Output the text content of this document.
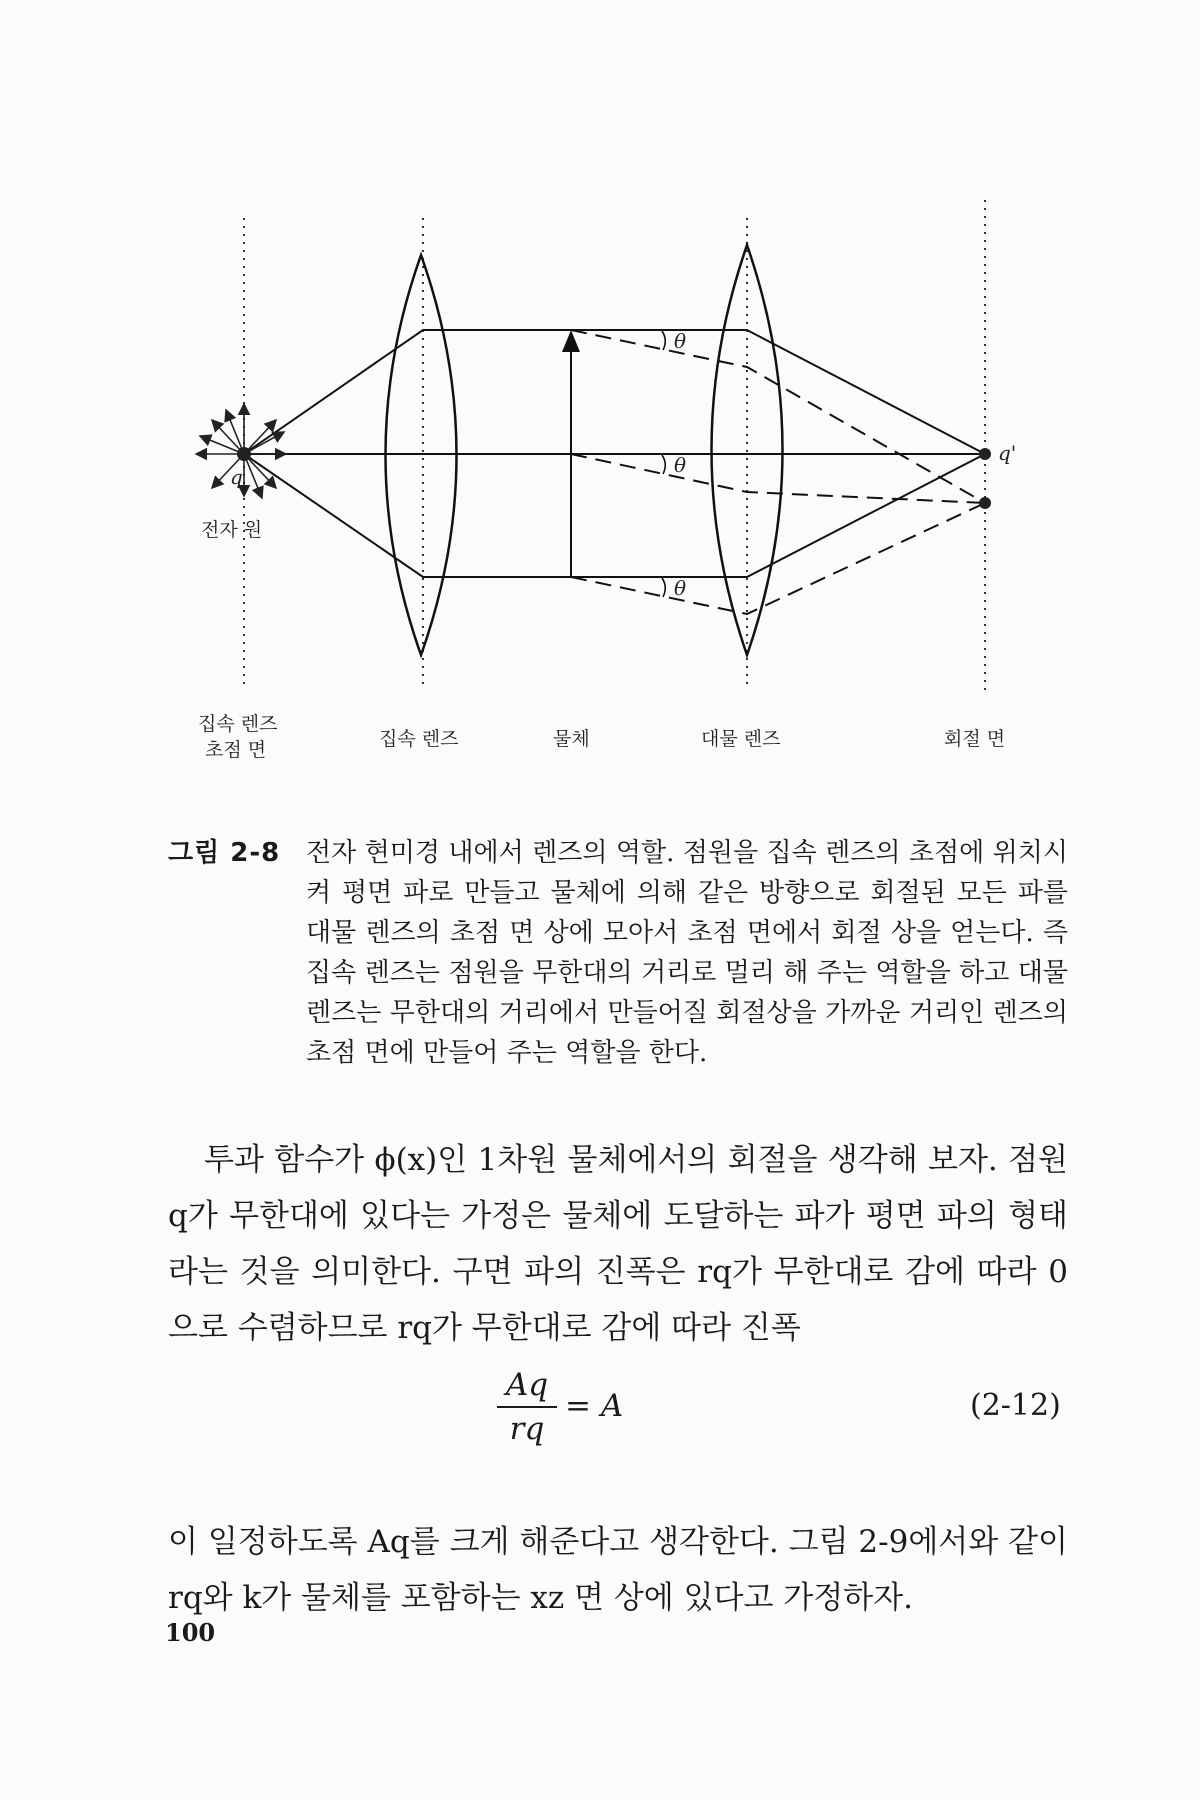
θ
θ
θ
q
q'
전자 원
집속 렌즈
초점 면	집속 렌즈	물체	대물 렌즈	회절 면
그림 2-8 전자 현미경 내에서 렌즈의 역할. 점원을 집속 렌즈의 초점에 위치시켜 평면 파로 만들고 물체에 의해 같은 방향으로 회절된 모든 파를 대물 렌즈의 초점 면 상에 모아서 초점 면에서 회절 상을 얻는다. 즉 집속 렌즈는 점원을 무한대의 거리로 멀리 해 주는 역할을 하고 대물 렌즈는 무한대의 거리에서 만들어질 회절상을 가까운 거리인 렌즈의 초점 면에 만들어 주는 역할을 한다.
투과 함수가 ϕ(x)인 1차원 물체에서의 회절을 생각해 보자. 점원 q가 무한대에 있다는 가정은 물체에 도달하는 파가 평면 파의 형태라는 것을 의미한다. 구면 파의 진폭은 rq가 무한대로 감에 따라 0으로 수렴하므로 rq가 무한대로 감에 따라 진폭
Aq
rq
= A	(2-12)
이 일정하도록 Aq를 크게 해준다고 생각한다. 그림 2-9에서와 같이 rq와 k가 물체를 포함하는 xz 면 상에 있다고 가정하자.
100
